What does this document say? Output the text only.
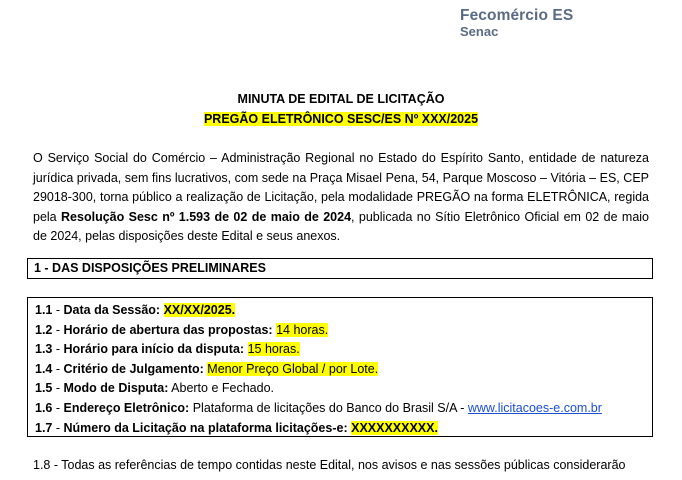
Fecomércio ES
Senac
MINUTA DE EDITAL DE LICITAÇÃO
PREGÃO ELETRÔNICO SESC/ES Nº XXX/2025
O Serviço Social do Comércio – Administração Regional no Estado do Espírito Santo, entidade de natureza jurídica privada, sem fins lucrativos, com sede na Praça Misael Pena, 54, Parque Moscoso – Vitória – ES, CEP 29018-300, torna público a realização de Licitação, pela modalidade PREGÃO na forma ELETRÔNICA, regida pela Resolução Sesc nº 1.593 de 02 de maio de 2024, publicada no Sítio Eletrônico Oficial em 02 de maio de 2024, pelas disposições deste Edital e seus anexos.
1 - DAS DISPOSIÇÕES PRELIMINARES
1.1 - Data da Sessão: XX/XX/2025.
1.2 - Horário de abertura das propostas: 14 horas.
1.3 - Horário para início da disputa: 15 horas.
1.4 - Critério de Julgamento: Menor Preço Global / por Lote.
1.5 - Modo de Disputa: Aberto e Fechado.
1.6 - Endereço Eletrônico: Plataforma de licitações do Banco do Brasil S/A - www.licitacoes-e.com.br
1.7 - Número da Licitação na plataforma licitações-e: XXXXXXXXXX.
1.8 - Todas as referências de tempo contidas neste Edital, nos avisos e nas sessões públicas considerarão
